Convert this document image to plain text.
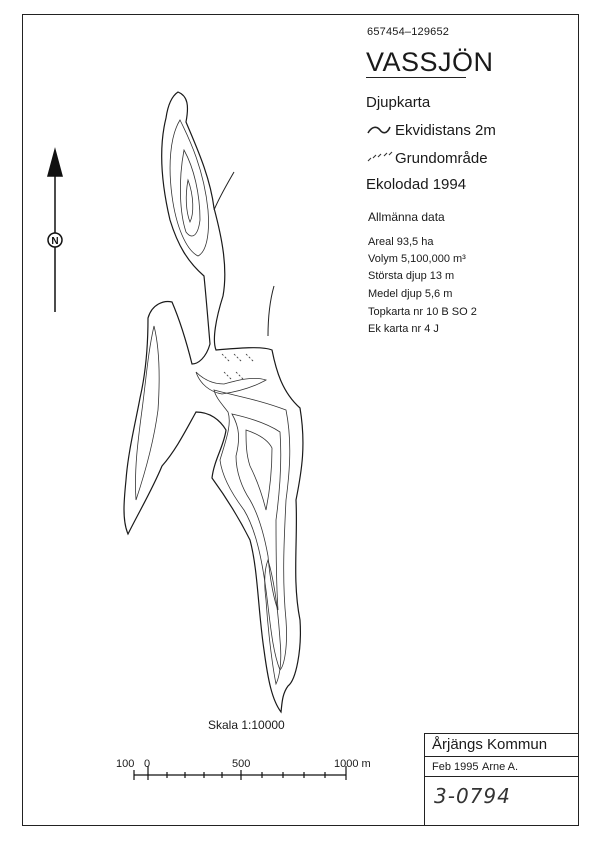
657454–129652
VASSJÖN
Djupkarta
Ekvidistans 2m
Grundområde
Ekolodad 1994
Allmänna data
Areal 93,5 ha
Volym 5,100,000 m³
Största djup 13 m
Medel djup 5,6 m
Topkarta nr 10 B SO 2
Ek karta nr 4 J
N
Skala 1:10000
100 0	500	1000 m
Årjängs Kommun
Feb 1995 Arne A.
3-0794
